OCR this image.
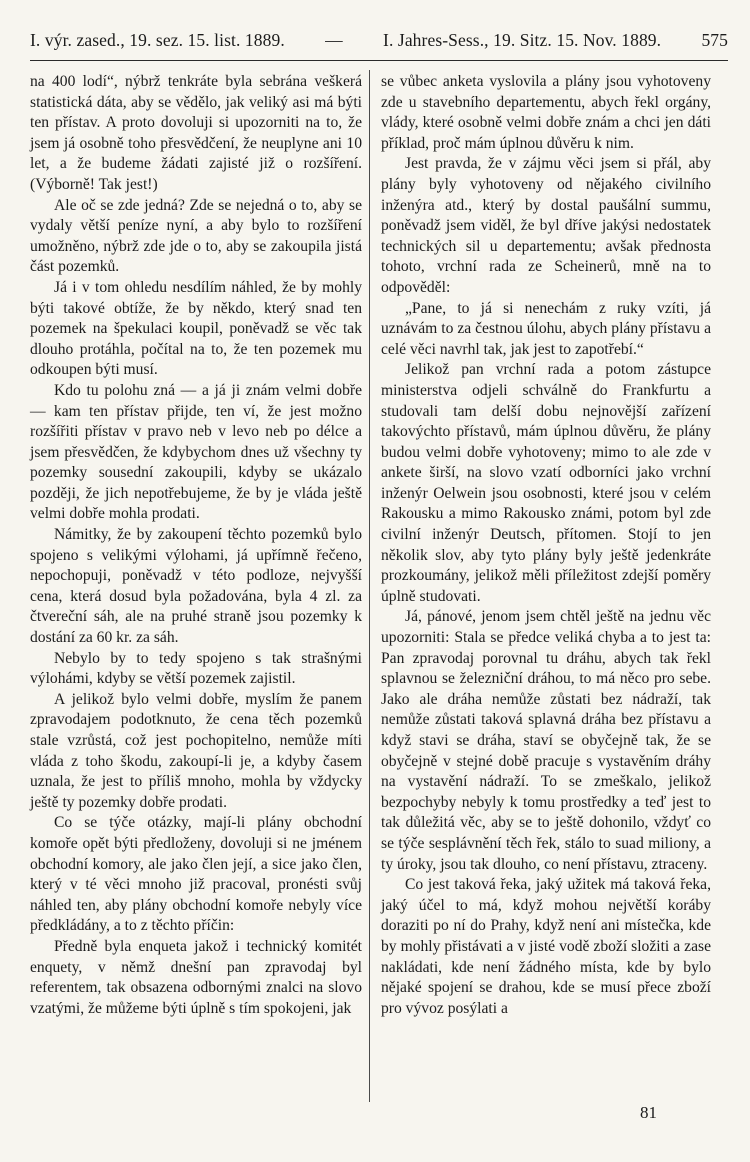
I. výr. zased., 19. sez. 15. list. 1889. — I. Jahres-Sess., 19. Sitz. 15. Nov. 1889. 575

na 400 lodí“, nýbrž tenkráte byla sebrána veškerá statistická dáta, aby se vědělo, jak veliký asi má býti ten přístav. A proto dovoluji si upozorniti na to, že jsem já osobně toho přesvědčení, že neuplyne ani 10 let, a že budeme žádati zajisté již o rozšíření. (Výborně! Tak jest!)

Ale oč se zde jedná? Zde se nejedná o to, aby se vydaly větší peníze nyní, a aby bylo to rozšíření umožněno, nýbrž zde jde o to, aby se zakoupila jistá část pozemků.

Já i v tom ohledu nesdílím náhled, že by mohly býti takové obtíže, že by někdo, který snad ten pozemek na špekulaci koupil, poněvadž se věc tak dlouho protáhla, počítal na to, že ten pozemek mu odkoupen býti musí.

Kdo tu polohu zná — a já ji znám velmi dobře — kam ten přístav přijde, ten ví, že jest možno rozšířiti přístav v pravo neb v levo neb po délce a jsem přesvědčen, že kdybychom dnes už všechny ty pozemky sousední zakoupili, kdyby se ukázalo později, že jich nepotřebujeme, že by je vláda ještě velmi dobře mohla prodati.

Námitky, že by zakoupení těchto pozemků bylo spojeno s velikými výlohami, já upřímně řečeno, nepochopuji, poněvadž v této podloze, nejvyšší cena, která dosud byla požadována, byla 4 zl. za čtvereční sáh, ale na pruhé straně jsou pozemky k dostání za 60 kr. za sáh.

Nebylo by to tedy spojeno s tak strašnými výlohámi, kdyby se větší pozemek zajistil.

A jelikož bylo velmi dobře, myslím že panem zpravodajem podotknuto, že cena těch pozemků stale vzrůstá, což jest pochopitelno, nemůže míti vláda z toho škodu, zakoupí-li je, a kdyby časem uznala, že jest to příliš mnoho, mohla by vždycky ještě ty pozemky dobře prodati.

Co se týče otázky, mají-li plány obchodní komoře opět býti předloženy, dovoluji si ne jménem obchodní komory, ale jako člen její, a sice jako člen, který v té věci mnoho již pracoval, pronésti svůj náhled ten, aby plány obchodní komoře nebyly více předkládány, a to z těchto příčin:

Předně byla enqueta jakož i technický komitét enquety, v němž dnešní pan zpravodaj byl referentem, tak obsazena odbornými znalci na slovo vzatými, že můžeme býti úplně s tím spokojeni, jak

se vůbec anketa vyslovila a plány jsou vyhotoveny zde u stavebního departementu, abych řekl orgány, vlády, které osobně velmi dobře znám a chci jen dáti příklad, proč mám úplnou důvěru k nim.

Jest pravda, že v zájmu věci jsem si přál, aby plány byly vyhotoveny od nějakého civilního inženýra atd., který by dostal paušální summu, poněvadž jsem viděl, že byl dříve jakýsi nedostatek technických sil u departementu; avšak přednosta tohoto, vrchní rada ze Scheinerů, mně na to odpověděl:

„Pane, to já si nenechám z ruky vzíti, já uznávám to za čestnou úlohu, abych plány přístavu a celé věci navrhl tak, jak jest to zapotřebí.“

Jelikož pan vrchní rada a potom zástupce ministerstva odjeli schválně do Frankfurtu a studovali tam delší dobu nejnovější zařízení takovýchto přístavů, mám úplnou důvěru, že plány budou velmi dobře vyhotoveny; mimo to ale zde v ankete širší, na slovo vzatí odborníci jako vrchní inženýr Oelwein jsou osobnosti, které jsou v celém Rakousku a mimo Rakousko známi, potom byl zde civilní inženýr Deutsch, přítomen. Stojí to jen několik slov, aby tyto plány byly ještě jedenkráte prozkoumány, jelikož měli příležitost zdejší poměry úplně studovati.

Já, pánové, jenom jsem chtěl ještě na jednu věc upozorniti: Stala se předce veliká chyba a to jest ta: Pan zpravodaj porovnal tu dráhu, abych tak řekl splavnou se železniční dráhou, to má něco pro sebe. Jako ale dráha nemůže zůstati bez nádraží, tak nemůže zůstati taková splavná dráha bez přístavu a když stavi se dráha, staví se obyčejně tak, že se obyčejně v stejné době pracuje s vystavěním dráhy na vystavění nádraží. To se zmeškalo, jelikož bezpochyby nebyly k tomu prostředky a teď jest to tak důležitá věc, aby se to ještě dohonilo, vždyť co se týče sesplávnění těch řek, stálo to suad miliony, a ty úroky, jsou tak dlouho, co není přístavu, ztraceny.

Co jest taková řeka, jaký užitek má taková řeka, jaký účel to má, když mohou největší koráby doraziti po ní do Prahy, když není ani místečka, kde by mohly přistávati a v jisté vodě zboží složiti a zase nakládati, kde není žádného místa, kde by bylo nějaké spojení se drahou, kde se musí přece zboží pro vývoz posýlati a

81
